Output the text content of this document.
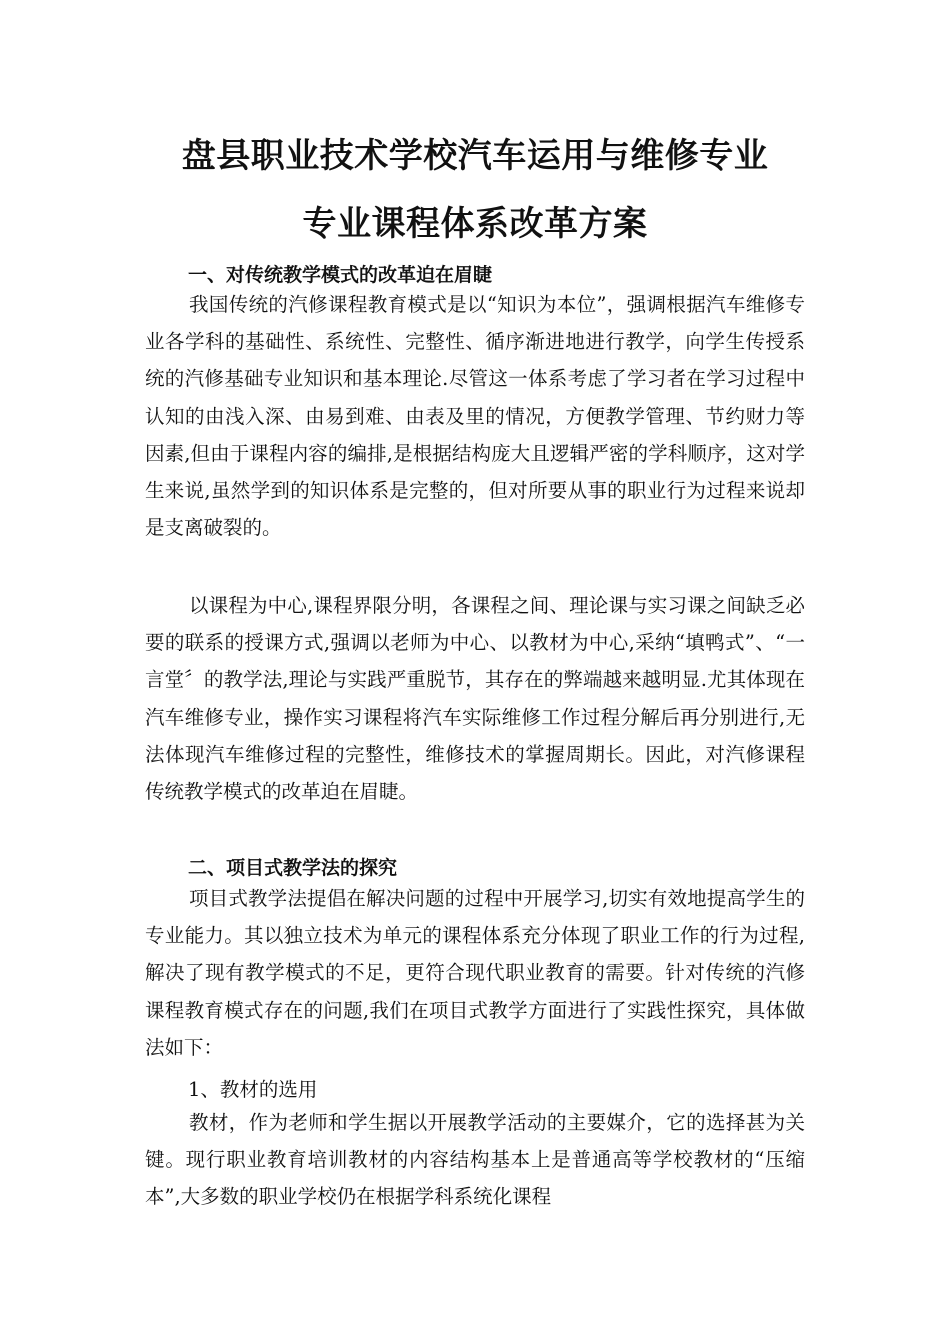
盘县职业技术学校汽车运用与维修专业
专业课程体系改革方案
一、对传统教学模式的改革迫在眉睫

我国传统的汽修课程教育模式是以“知识为本位”，强调根据汽车维修专业各学科的基础性、系统性、完整性、循序渐进地进行教学，向学生传授系统的汽修基础专业知识和基本理论.尽管这一体系考虑了学习者在学习过程中认知的由浅入深、由易到难、由表及里的情况，方便教学管理、节约财力等因素,但由于课程内容的编排,是根据结构庞大且逻辑严密的学科顺序，这对学生来说,虽然学到的知识体系是完整的，但对所要从事的职业行为过程来说却是支离破裂的。

以课程为中心,课程界限分明，各课程之间、理论课与实习课之间缺乏必要的联系的授课方式,强调以老师为中心、以教材为中心,采纳“填鸭式”、“一言堂〞的教学法,理论与实践严重脱节，其存在的弊端越来越明显.尤其体现在汽车维修专业，操作实习课程将汽车实际维修工作过程分解后再分别进行,无法体现汽车维修过程的完整性，维修技术的掌握周期长。因此，对汽修课程传统教学模式的改革迫在眉睫。

二、项目式教学法的探究

项目式教学法提倡在解决问题的过程中开展学习,切实有效地提高学生的专业能力。其以独立技术为单元的课程体系充分体现了职业工作的行为过程,解决了现有教学模式的不足，更符合现代职业教育的需要。针对传统的汽修课程教育模式存在的问题,我们在项目式教学方面进行了实践性探究，具体做法如下：

1、教材的选用

教材，作为老师和学生据以开展教学活动的主要媒介，它的选择甚为关键。现行职业教育培训教材的内容结构基本上是普通高等学校教材的“压缩本”,大多数的职业学校仍在根据学科系统化课程
